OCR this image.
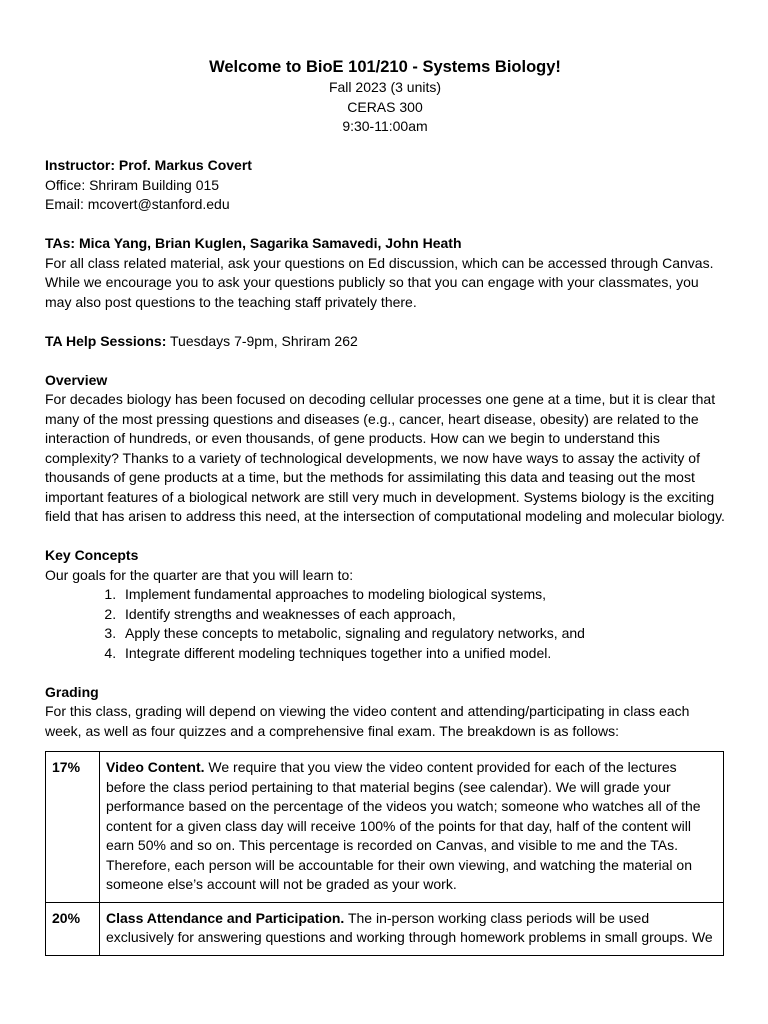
Welcome to BioE 101/210 - Systems Biology!
Fall 2023 (3 units)
CERAS 300
9:30-11:00am
Instructor: Prof. Markus Covert
Office: Shriram Building 015
Email: mcovert@stanford.edu
TAs: Mica Yang, Brian Kuglen, Sagarika Samavedi, John Heath

For all class related material, ask your questions on Ed discussion, which can be accessed through Canvas. While we encourage you to ask your questions publicly so that you can engage with your classmates, you may also post questions to the teaching staff privately there.

TA Help Sessions: Tuesdays 7-9pm, Shriram 262
Overview

For decades biology has been focused on decoding cellular processes one gene at a time, but it is clear that many of the most pressing questions and diseases (e.g., cancer, heart disease, obesity) are related to the interaction of hundreds, or even thousands, of gene products. How can we begin to understand this complexity? Thanks to a variety of technological developments, we now have ways to assay the activity of thousands of gene products at a time, but the methods for assimilating this data and teasing out the most important features of a biological network are still very much in development. Systems biology is the exciting field that has arisen to address this need, at the intersection of computational modeling and molecular biology.

Key Concepts
Our goals for the quarter are that you will learn to:
1. Implement fundamental approaches to modeling biological systems,
2. Identify strengths and weaknesses of each approach,
3. Apply these concepts to metabolic, signaling and regulatory networks, and
4. Integrate different modeling techniques together into a unified model.
Grading

For this class, grading will depend on viewing the video content and attending/participating in class each week, as well as four quizzes and a comprehensive final exam. The breakdown is as follows:

17%	Video Content. We require that you view the video content provided for each of the lectures before the class period pertaining to that material begins (see calendar). We will grade your performance based on the percentage of the videos you watch; someone who watches all of the content for a given class day will receive 100% of the points for that day, half of the content will earn 50% and so on. This percentage is recorded on Canvas, and visible to me and the TAs. Therefore, each person will be accountable for their own viewing, and watching the material on someone else’s account will not be graded as your work.
20%	Class Attendance and Participation. The in-person working class periods will be used exclusively for answering questions and working through homework problems in small groups. We
